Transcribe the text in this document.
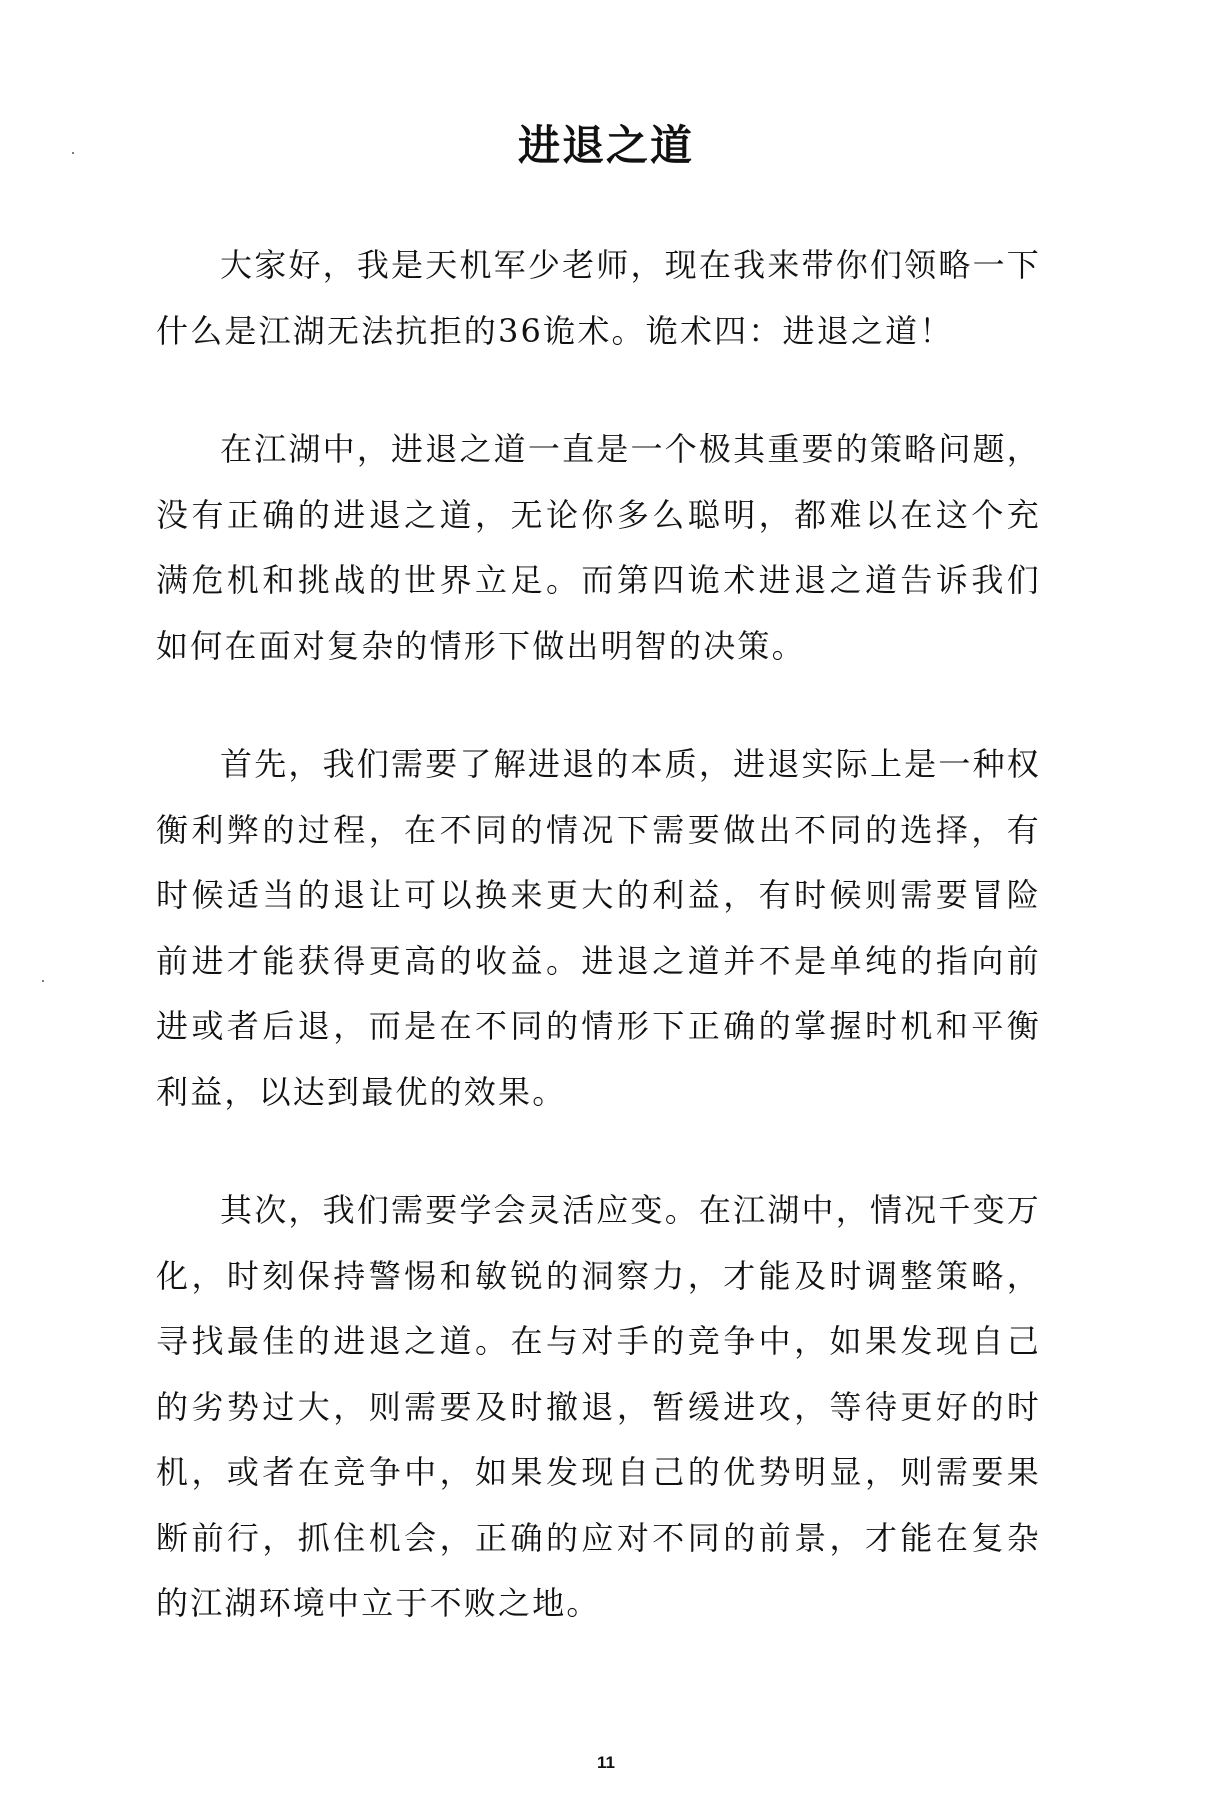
进退之道

大家好，我是天机军少老师，现在我来带你们领略一下什么是江湖无法抗拒的36诡术。诡术四：进退之道！

在江湖中，进退之道一直是一个极其重要的策略问题，没有正确的进退之道，无论你多么聪明，都难以在这个充满危机和挑战的世界立足。而第四诡术进退之道告诉我们如何在面对复杂的情形下做出明智的决策。

首先，我们需要了解进退的本质，进退实际上是一种权衡利弊的过程，在不同的情况下需要做出不同的选择，有时候适当的退让可以换来更大的利益，有时候则需要冒险前进才能获得更高的收益。进退之道并不是单纯的指向前进或者后退，而是在不同的情形下正确的掌握时机和平衡利益，以达到最优的效果。

其次，我们需要学会灵活应变。在江湖中，情况千变万化，时刻保持警惕和敏锐的洞察力，才能及时调整策略，寻找最佳的进退之道。在与对手的竞争中，如果发现自己的劣势过大，则需要及时撤退，暂缓进攻，等待更好的时机，或者在竞争中，如果发现自己的优势明显，则需要果断前行，抓住机会，正确的应对不同的前景，才能在复杂的江湖环境中立于不败之地。

11
